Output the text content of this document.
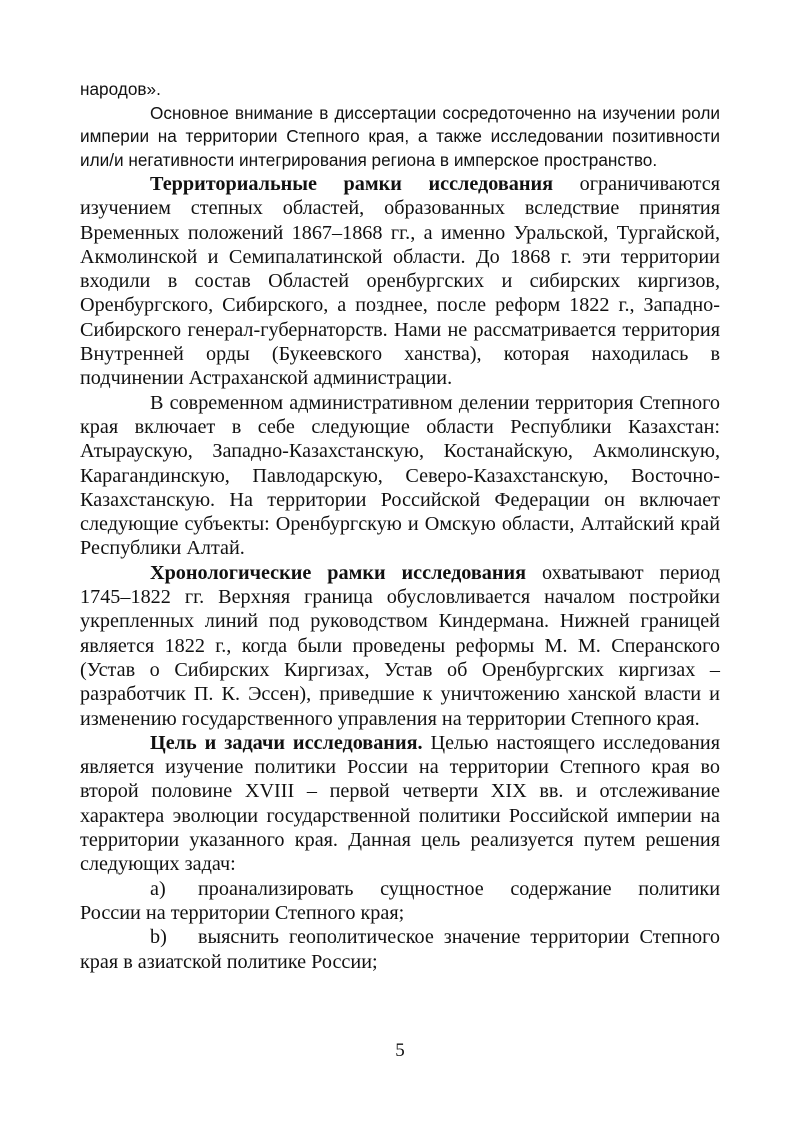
народов».

Основное внимание в диссертации сосредоточенно на изучении роли империи на территории Степного края, а также исследовании позитивности или/и негативности интегрирования региона в имперское пространство.

Территориальные рамки исследования ограничиваются изучением степных областей, образованных вследствие принятия Временных положений 1867–1868 гг., а именно Уральской, Тургайской, Акмолинской и Семипалатинской области. До 1868 г. эти территории входили в состав Областей оренбургских и сибирских киргизов, Оренбургского, Сибирского, а позднее, после реформ 1822 г., Западно-Сибирского генерал-губернаторств. Нами не рассматривается территория Внутренней орды (Букеевского ханства), которая находилась в подчинении Астраханской администрации.

В современном административном делении территория Степного края включает в себе следующие области Республики Казахстан: Атыраускую, Западно-Казахстанскую, Костанайскую, Акмолинскую, Карагандинскую, Павлодарскую, Северо-Казахстанскую, Восточно-Казахстанскую. На территории Российской Федерации он включает следующие субъекты: Оренбургскую и Омскую области, Алтайский край Республики Алтай.

Хронологические рамки исследования охватывают период 1745–1822 гг. Верхняя граница обусловливается началом постройки укрепленных линий под руководством Киндермана. Нижней границей является 1822 г., когда были проведены реформы М. М. Сперанского (Устав о Сибирских Киргизах, Устав об Оренбургских киргизах – разработчик П. К. Эссен), приведшие к уничтожению ханской власти и изменению государственного управления на территории Степного края.

Цель и задачи исследования. Целью настоящего исследования является изучение политики России на территории Степного края во второй половине XVIII – первой четверти XIX вв. и отслеживание характера эволюции государственной политики Российской империи на территории указанного края. Данная цель реализуется путем решения следующих задач:

a) проанализировать сущностное содержание политики России на территории Степного края;

b) выяснить геополитическое значение территории Степного края в азиатской политике России;

5
